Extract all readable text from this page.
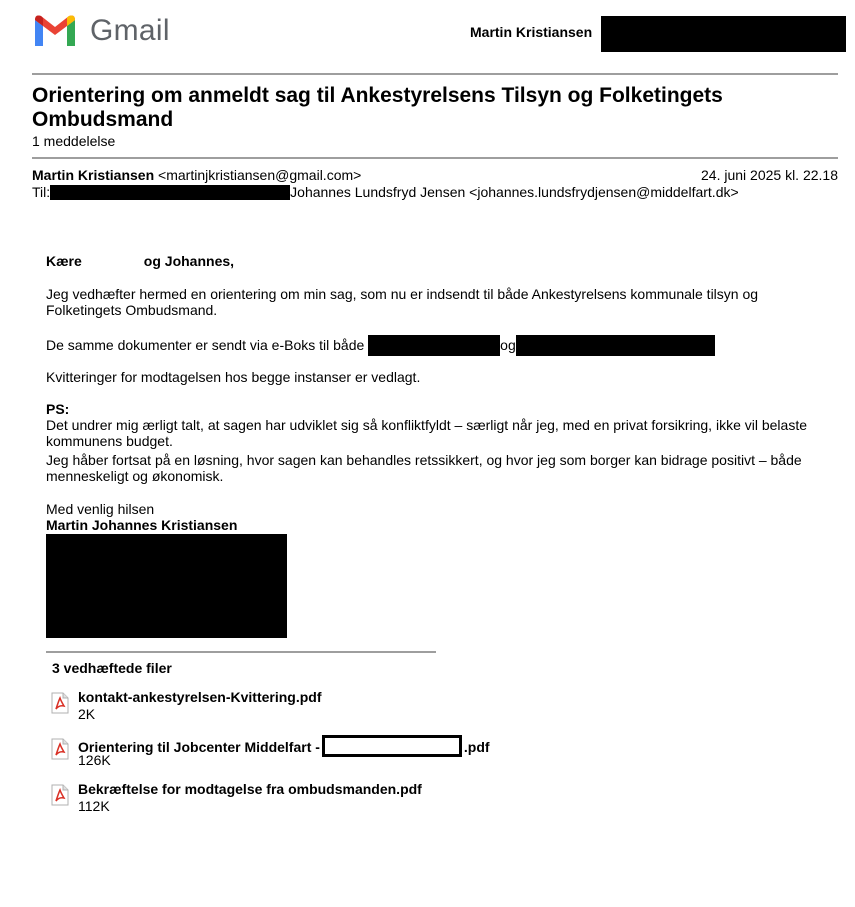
Gmail	Martin Kristiansen
Orientering om anmeldt sag til Ankestyrelsens Tilsyn og Folketingets Ombudsmand
1 meddelelse
Martin Kristiansen <martinjkristiansen@gmail.com>	24. juni 2025 kl. 22.18
Til:	Johannes Lundsfryd Jensen <johannes.lundsfrydjensen@middelfart.dk>
Kære	og Johannes,
Jeg vedhæfter hermed en orientering om min sag, som nu er indsendt til både Ankestyrelsens kommunale tilsyn og Folketingets Ombudsmand.
De samme dokumenter er sendt via e-Boks til både	og
Kvitteringer for modtagelsen hos begge instanser er vedlagt.
PS:
Det undrer mig ærligt talt, at sagen har udviklet sig så konfliktfyldt – særligt når jeg, med en privat forsikring, ikke vil belaste kommunens budget.
Jeg håber fortsat på en løsning, hvor sagen kan behandles retssikkert, og hvor jeg som borger kan bidrage positivt – både menneskeligt og økonomisk.
Med venlig hilsen
Martin Johannes Kristiansen
3 vedhæftede filer
kontakt-ankestyrelsen-Kvittering.pdf
2K
Orientering til Jobcenter Middelfart -	.pdf
126K
Bekræftelse for modtagelse fra ombudsmanden.pdf
112K
